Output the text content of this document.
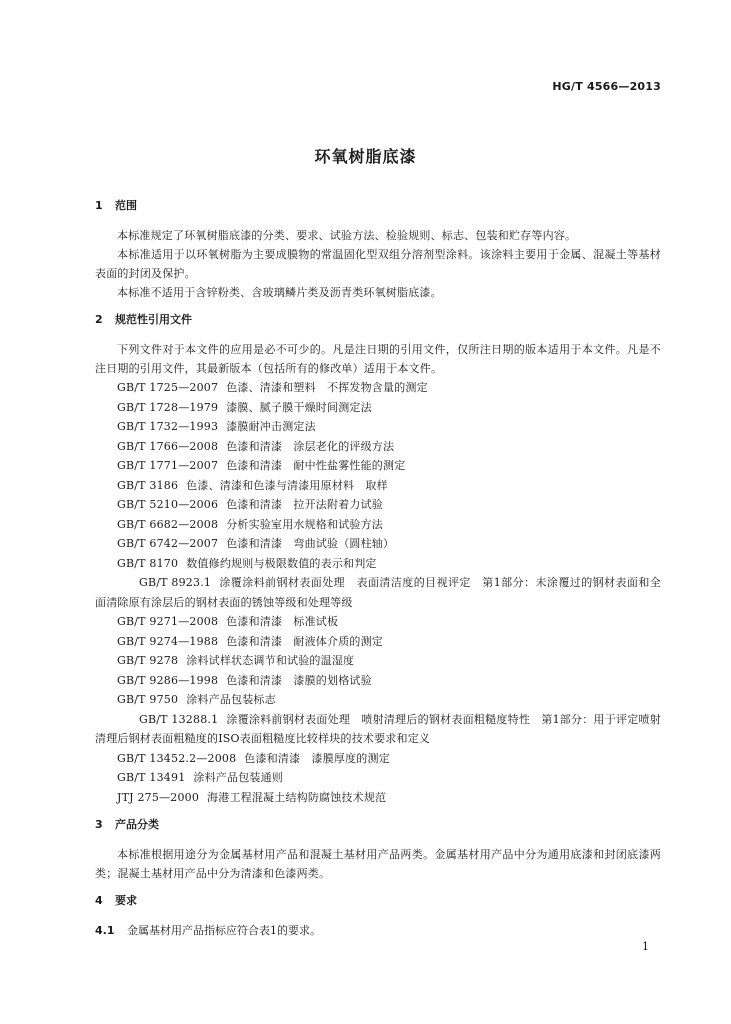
HG/T 4566—2013
环氧树脂底漆
1 范围

本标准规定了环氧树脂底漆的分类、要求、试验方法、检验规则、标志、包装和贮存等内容。

本标准适用于以环氧树脂为主要成膜物的常温固化型双组分溶剂型涂料。该涂料主要用于金属、混凝土等基材表面的封闭及保护。

本标准不适用于含锌粉类、含玻璃鳞片类及沥青类环氧树脂底漆。

2 规范性引用文件

下列文件对于本文件的应用是必不可少的。凡是注日期的引用文件，仅所注日期的版本适用于本文件。凡是不注日期的引用文件，其最新版本（包括所有的修改单）适用于本文件。

GB/T 1725—2007 色漆、清漆和塑料　不挥发物含量的测定

GB/T 1728—1979 漆膜、腻子膜干燥时间测定法

GB/T 1732—1993 漆膜耐冲击测定法

GB/T 1766—2008 色漆和清漆　涂层老化的评级方法

GB/T 1771—2007 色漆和清漆　耐中性盐雾性能的测定

GB/T 3186 色漆、清漆和色漆与清漆用原材料　取样

GB/T 5210—2006 色漆和清漆　拉开法附着力试验

GB/T 6682—2008 分析实验室用水规格和试验方法

GB/T 6742—2007 色漆和清漆　弯曲试验（圆柱轴）

GB/T 8170 数值修约规则与极限数值的表示和判定

GB/T 8923.1 涂覆涂料前钢材表面处理　表面清洁度的目视评定　第1部分：未涂覆过的钢材表面和全面清除原有涂层后的钢材表面的锈蚀等级和处理等级

GB/T 9271—2008 色漆和清漆　标准试板

GB/T 9274—1988 色漆和清漆　耐液体介质的测定

GB/T 9278 涂料试样状态调节和试验的温湿度

GB/T 9286—1998 色漆和清漆　漆膜的划格试验

GB/T 9750 涂料产品包装标志

GB/T 13288.1 涂覆涂料前钢材表面处理　喷射清理后的钢材表面粗糙度特性　第1部分：用于评定喷射清理后钢材表面粗糙度的ISO表面粗糙度比较样块的技术要求和定义

GB/T 13452.2—2008 色漆和清漆　漆膜厚度的测定

GB/T 13491 涂料产品包装通则

JTJ 275—2000 海港工程混凝土结构防腐蚀技术规范

3 产品分类

本标准根据用途分为金属基材用产品和混凝土基材用产品两类。金属基材用产品中分为通用底漆和封闭底漆两类；混凝土基材用产品中分为清漆和色漆两类。

4 要求

4.1 金属基材用产品指标应符合表1的要求。

1
